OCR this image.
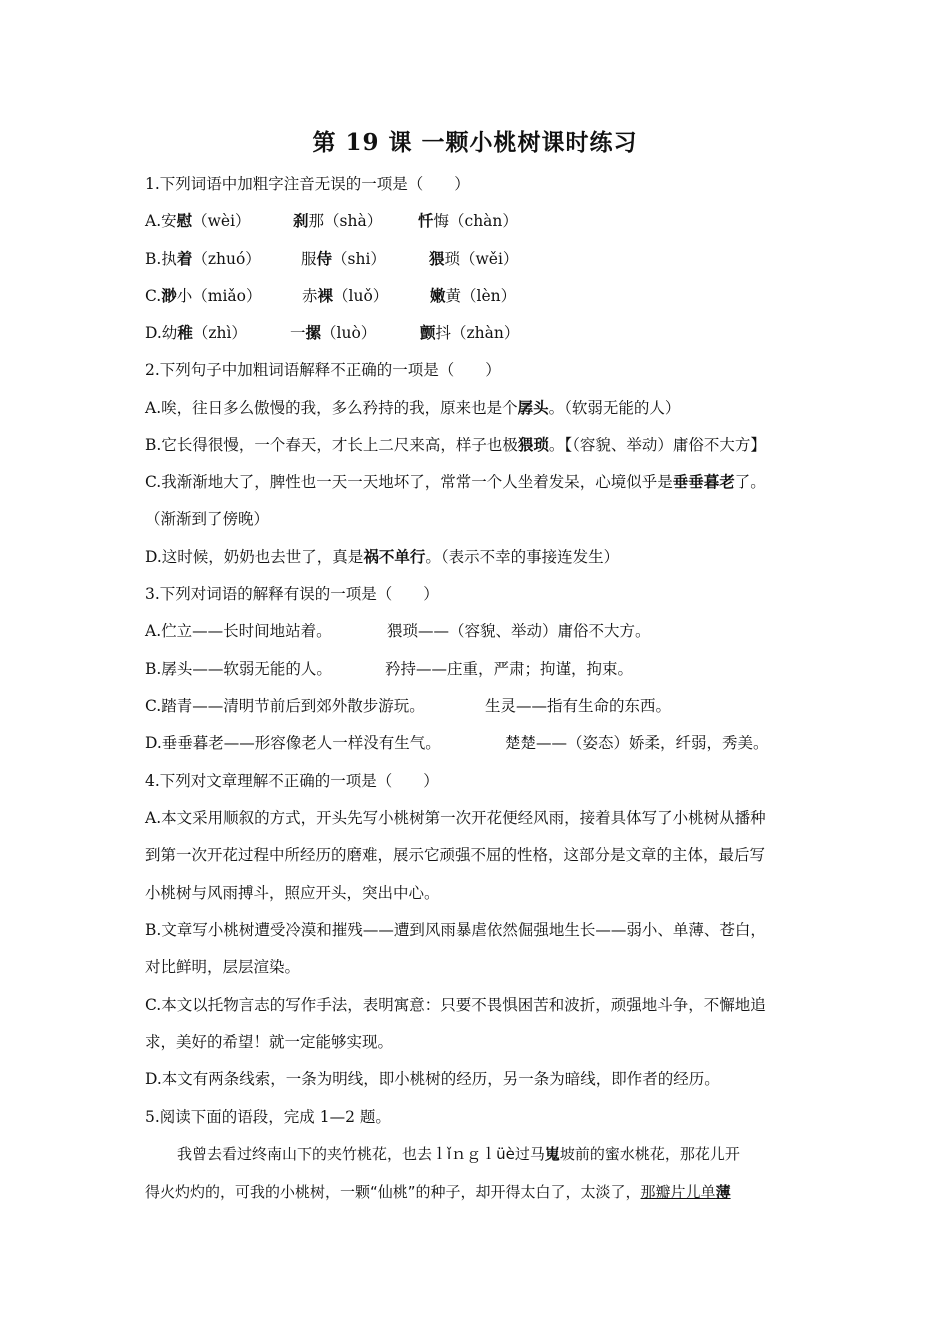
第 19 课 一颗小桃树课时练习
1.下列词语中加粗字注音无误的一项是（　　）
A.安慰（wèi）	刹那（shà） 忏悔（chàn）
B.执着（zhuó）	服侍（shi）	猥琐（wěi）
C.渺小（miǎo）	赤裸（luǒ）	嫩黄（lèn）
D.幼稚（zhì）	一摞（luò）	颤抖（zhàn）
2.下列句子中加粗词语解释不正确的一项是（　　）
A.唉，往日多么傲慢的我，多么矜持的我，原来也是个孱头。（软弱无能的人）
B.它长得很慢，一个春天，才长上二尺来高，样子也极猥琐。【（容貌、举动）庸俗不大方】
C.我渐渐地大了，脾性也一天一天地坏了，常常一个人坐着发呆，心境似乎是垂垂暮老了。
（渐渐到了傍晚）
D.这时候，奶奶也去世了，真是祸不单行。（表示不幸的事接连发生）
3.下列对词语的解释有误的一项是（　　）
A.伫立——长时间地站着。	猥琐——（容貌、举动）庸俗不大方。
B.孱头——软弱无能的人。	矜持——庄重，严肃；拘谨，拘束。
C.踏青——清明节前后到郊外散步游玩。	生灵——指有生命的东西。
D.垂垂暮老——形容像老人一样没有生气。	楚楚——（姿态）娇柔，纤弱，秀美。
4.下列对文章理解不正确的一项是（　　）
A.本文采用顺叙的方式，开头先写小桃树第一次开花便经风雨，接着具体写了小桃树从播种
到第一次开花过程中所经历的磨难，展示它顽强不屈的性格，这部分是文章的主体，最后写
小桃树与风雨搏斗，照应开头，突出中心。
B.文章写小桃树遭受冷漠和摧残——遭到风雨暴虐依然倔强地生长——弱小、单薄、苍白，
对比鲜明，层层渲染。
C.本文以托物言志的写作手法，表明寓意：只要不畏惧困苦和波折，顽强地斗争，不懈地追
求，美好的希望！就一定能够实现。
D.本文有两条线索，一条为明线，即小桃树的经历，另一条为暗线，即作者的经历。
5.阅读下面的语段，完成 1—2 题。
我曾去看过终南山下的夹竹桃花，也去ｌǐｎｇｌüè过马嵬坡前的蜜水桃花，那花儿开
得火灼灼的，可我的小桃树，一颗“仙桃”的种子，却开得太白了，太淡了，那瓣片儿单薄
